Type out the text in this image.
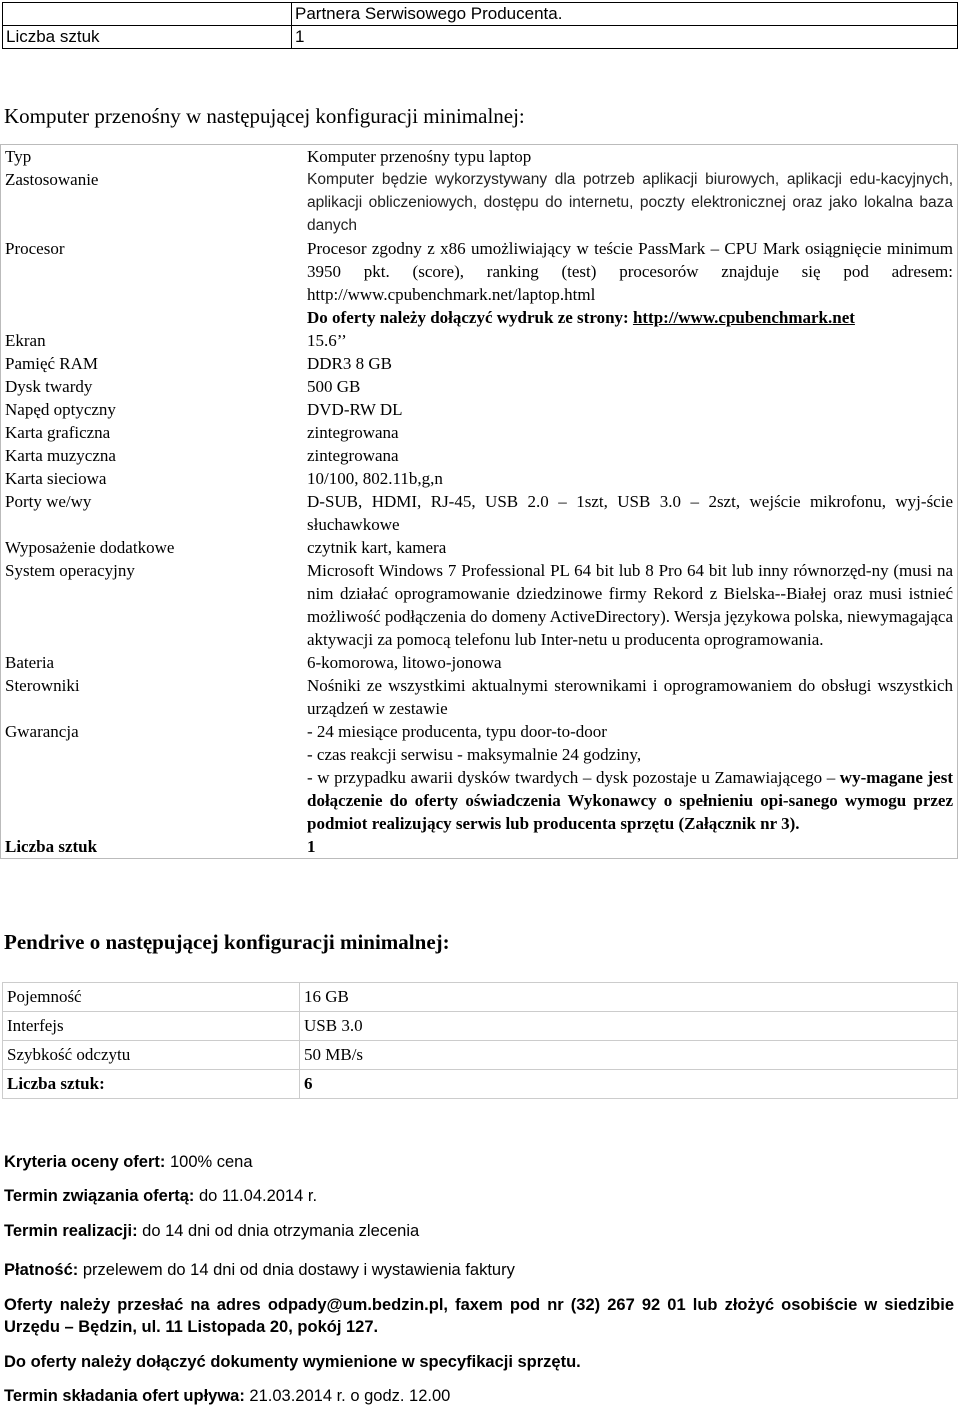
	Partnera Serwisowego Producenta.
Liczba sztuk	1
Komputer przenośny w następującej konfiguracji minimalnej:
Typ	Komputer przenośny typu laptop
Zastosowanie	Komputer będzie wykorzystywany dla potrzeb aplikacji biurowych, aplikacji edu-kacyjnych, aplikacji obliczeniowych, dostępu do internetu, poczty elektronicznej oraz jako lokalna baza danych
Procesor	Procesor zgodny z x86 umożliwiający w teście PassMark – CPU Mark osiągnięcie minimum 3950 pkt. (score), ranking (test) procesorów znajduje się pod adresem: http://www.cpubenchmark.net/laptop.html
Do oferty należy dołączyć wydruk ze strony: http://www.cpubenchmark.net

Ekran	15.6’’
Pamięć RAM	DDR3 8 GB
Dysk twardy	500 GB
Napęd optyczny	DVD-RW DL
Karta graficzna	zintegrowana
Karta muzyczna	zintegrowana
Karta sieciowa	10/100, 802.11b,g,n
Porty we/wy	D-SUB, HDMI, RJ-45, USB 2.0 – 1szt, USB 3.0 – 2szt, wejście mikrofonu, wyj-ście słuchawkowe
Wyposażenie dodatkowe	czytnik kart, kamera
System operacyjny	Microsoft Windows 7 Professional PL 64 bit lub 8 Pro 64 bit lub inny równorzęd-ny (musi na nim działać oprogramowanie dziedzinowe firmy Rekord z Bielska--Białej oraz musi istnieć możliwość podłączenia do domeny ActiveDirectory). Wersja językowa polska, niewymagająca aktywacji za pomocą telefonu lub Inter-netu u producenta oprogramowania.
Bateria	6-komorowa, litowo-jonowa
Sterowniki	Nośniki ze wszystkimi aktualnymi sterownikami i oprogramowaniem do obsługi wszystkich urządzeń w zestawie
Gwarancja	- 24 miesiące producenta, typu door-to-door
- czas reakcji serwisu - maksymalnie 24 godziny,
- w przypadku awarii dysków twardych – dysk pozostaje u Zamawiającego – wy-magane jest dołączenie do oferty oświadczenia Wykonawcy o spełnieniu opi-sanego wymogu przez podmiot realizujący serwis lub producenta sprzętu (Załącznik nr 3).

Liczba sztuk	1
Pendrive o następującej konfiguracji minimalnej:
Pojemność	16 GB
Interfejs	USB 3.0
Szybkość odczytu	50 MB/s
Liczba sztuk:	6
Kryteria oceny ofert: 100% cena
Termin związania ofertą: do 11.04.2014 r.
Termin realizacji: do 14 dni od dnia otrzymania zlecenia
Płatność: przelewem do 14 dni od dnia dostawy i wystawienia faktury
Oferty należy przesłać na adres odpady@um.bedzin.pl, faxem pod nr (32) 267 92 01 lub złożyć osobiście w siedzibie Urzędu – Będzin, ul. 11 Listopada 20, pokój 127.
Do oferty należy dołączyć dokumenty wymienione w specyfikacji sprzętu.
Termin składania ofert upływa: 21.03.2014 r. o godz. 12.00
